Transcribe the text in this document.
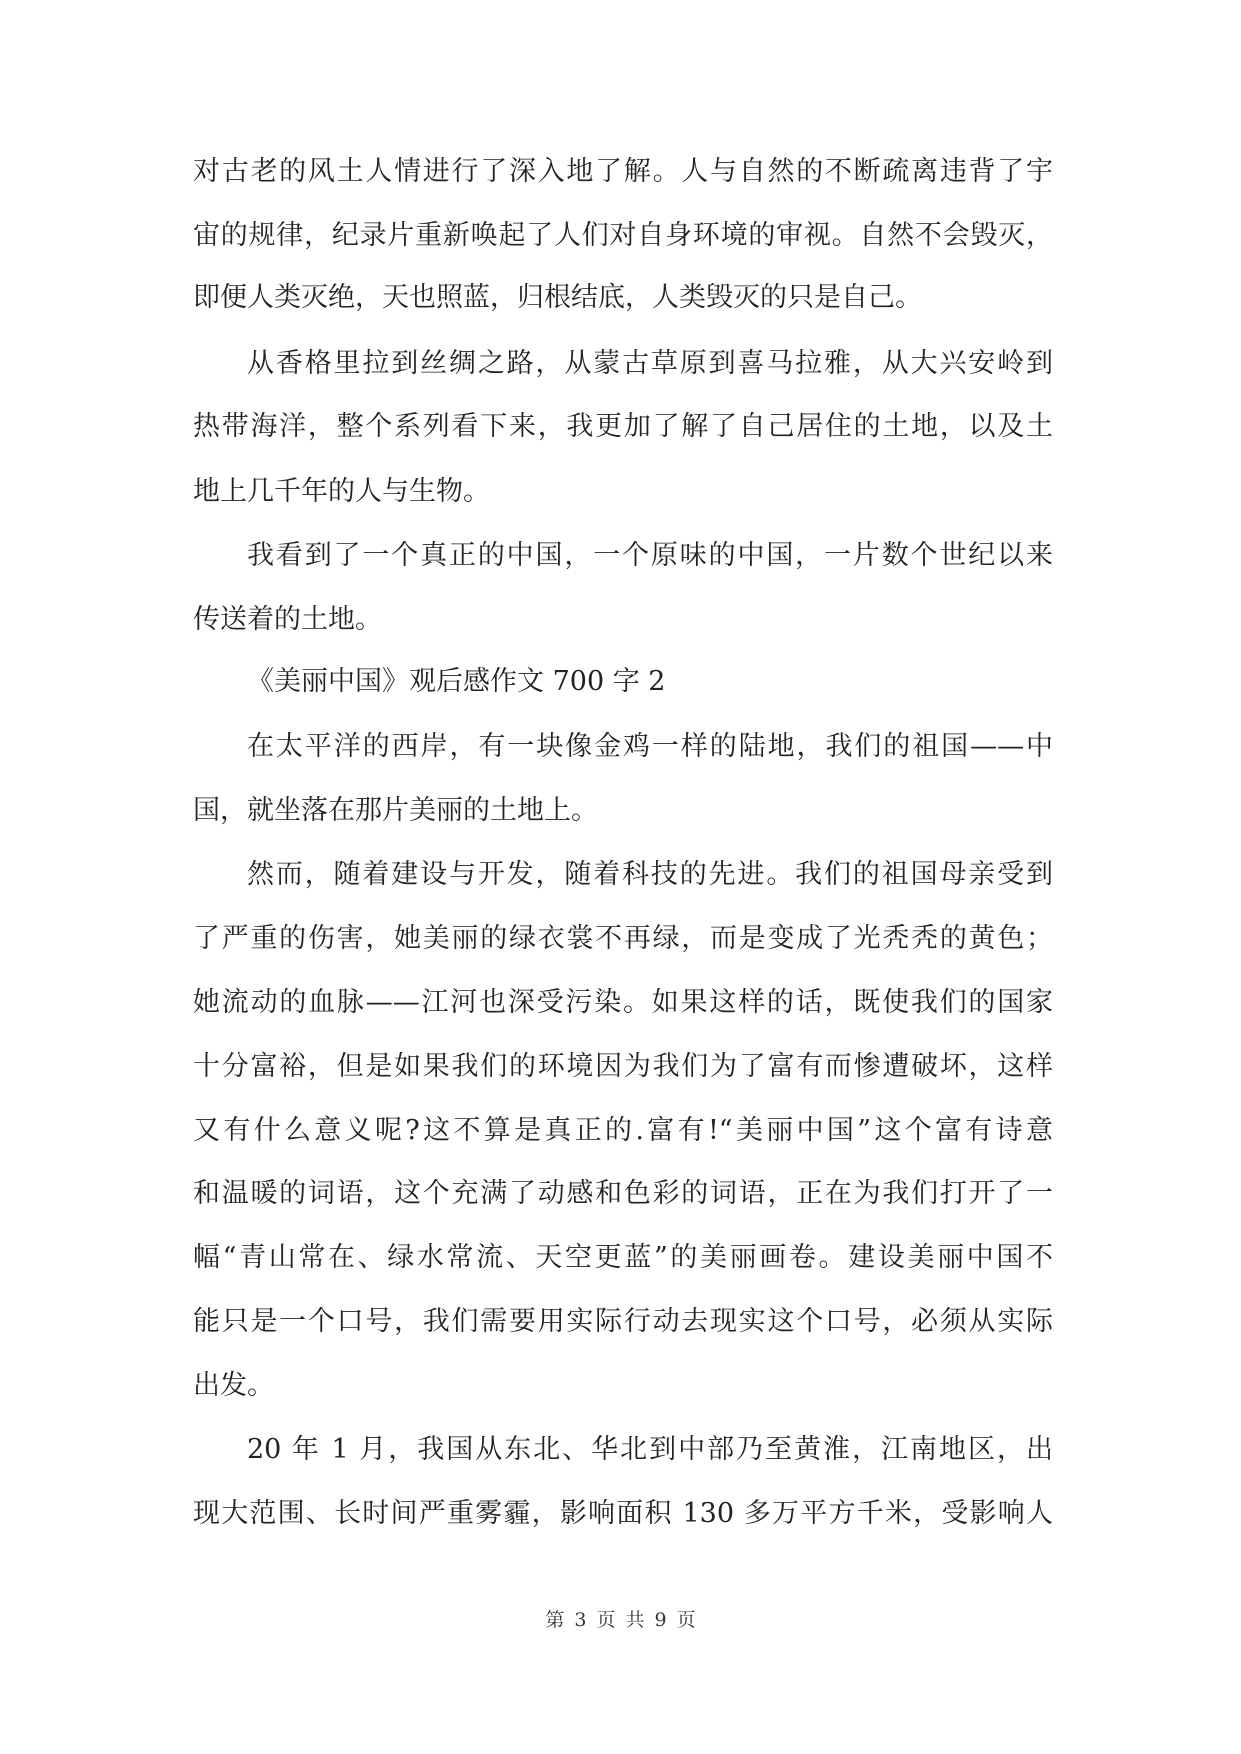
对古老的风土人情进行了深入地了解。人与自然的不断疏离违背了宇
宙的规律，纪录片重新唤起了人们对自身环境的审视。自然不会毁灭，
即便人类灭绝，天也照蓝，归根结底，人类毁灭的只是自己。
从香格里拉到丝绸之路，从蒙古草原到喜马拉雅，从大兴安岭到
热带海洋，整个系列看下来，我更加了解了自己居住的土地，以及土
地上几千年的人与生物。
我看到了一个真正的中国，一个原味的中国，一片数个世纪以来
传送着的土地。
《美丽中国》观后感作文 700 字 2
在太平洋的西岸，有一块像金鸡一样的陆地，我们的祖国——中
国，就坐落在那片美丽的土地上。
然而，随着建设与开发，随着科技的先进。我们的祖国母亲受到
了严重的伤害，她美丽的绿衣裳不再绿，而是变成了光秃秃的黄色；
她流动的血脉——江河也深受污染。如果这样的话，既使我们的国家
十分富裕，但是如果我们的环境因为我们为了富有而惨遭破坏，这样
又有什么意义呢?这不算是真正的.富有!“美丽中国”这个富有诗意
和温暖的词语，这个充满了动感和色彩的词语，正在为我们打开了一
幅“青山常在、绿水常流、天空更蓝”的美丽画卷。建设美丽中国不
能只是一个口号，我们需要用实际行动去现实这个口号，必须从实际
出发。
20 年 1 月，我国从东北、华北到中部乃至黄淮，江南地区，出
现大范围、长时间严重雾霾，影响面积 130 多万平方千米，受影响人
第 3 页 共 9 页
